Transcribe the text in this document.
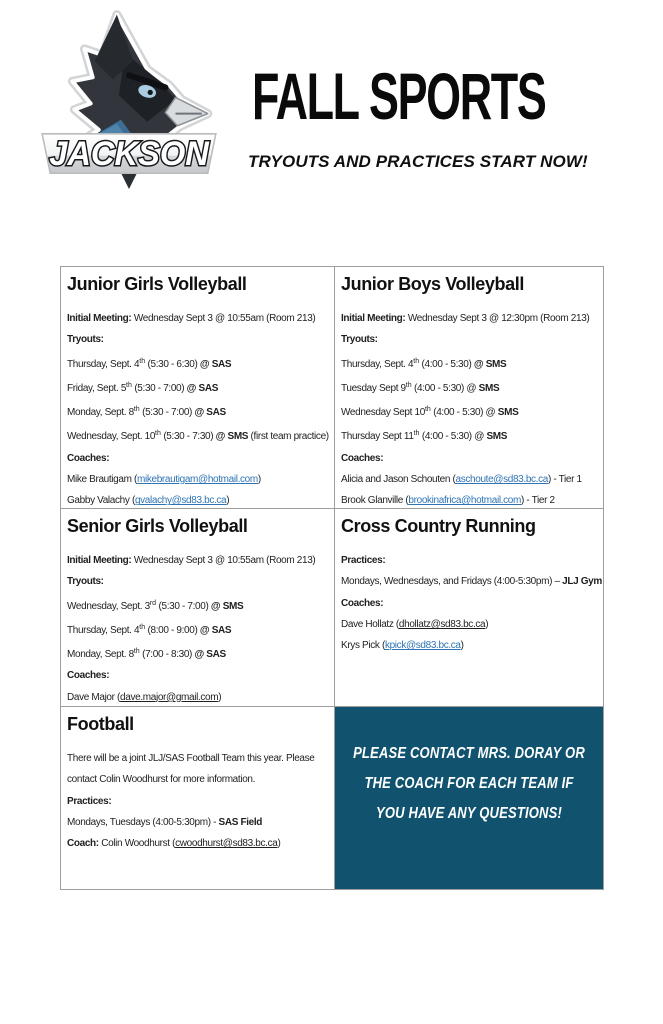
JACKSON
FALL SPORTS
TRYOUTS AND PRACTICES START NOW!
Junior Girls Volleyball
Initial Meeting: Wednesday Sept 3 @ 10:55am (Room 213)
Tryouts:
Thursday, Sept. 4th (5:30 - 6:30) @ SAS
Friday, Sept. 5th (5:30 - 7:00) @ SAS
Monday, Sept. 8th (5:30 - 7:00) @ SAS
Wednesday, Sept. 10th (5:30 - 7:30) @ SMS (first team practice)
Coaches:
Mike Brautigam (mikebrautigam@hotmail.com)
Gabby Valachy (gvalachy@sd83.bc.ca)
Junior Boys Volleyball
Initial Meeting: Wednesday Sept 3 @ 12:30pm (Room 213)
Tryouts:
Thursday, Sept. 4th (4:00 - 5:30) @ SMS
Tuesday Sept 9th (4:00 - 5:30) @ SMS
Wednesday Sept 10th (4:00 - 5:30) @ SMS
Thursday Sept 11th (4:00 - 5:30) @ SMS
Coaches:
Alicia and Jason Schouten (aschoute@sd83.bc.ca) - Tier 1
Brook Glanville (brookinafrica@hotmail.com) - Tier 2
Senior Girls Volleyball
Initial Meeting: Wednesday Sept 3 @ 10:55am (Room 213)
Tryouts:
Wednesday, Sept. 3rd (5:30 - 7:00) @ SMS
Thursday, Sept. 4th (8:00 - 9:00) @ SAS
Monday, Sept. 8th (7:00 - 8:30) @ SAS
Coaches:
Dave Major (dave.major@gmail.com)
Cross Country Running
Practices:
Mondays, Wednesdays, and Fridays (4:00-5:30pm) – JLJ Gym
Coaches:
Dave Hollatz (dhollatz@sd83.bc.ca)
Krys Pick (kpick@sd83.bc.ca)
Football
There will be a joint JLJ/SAS Football Team this year. Please
contact Colin Woodhurst for more information.
Practices:
Mondays, Tuesdays (4:00-5:30pm) - SAS Field
Coach: Colin Woodhurst (cwoodhurst@sd83.bc.ca)
PLEASE CONTACT MRS. DORAY OR
THE COACH FOR EACH TEAM IF
YOU HAVE ANY QUESTIONS!
